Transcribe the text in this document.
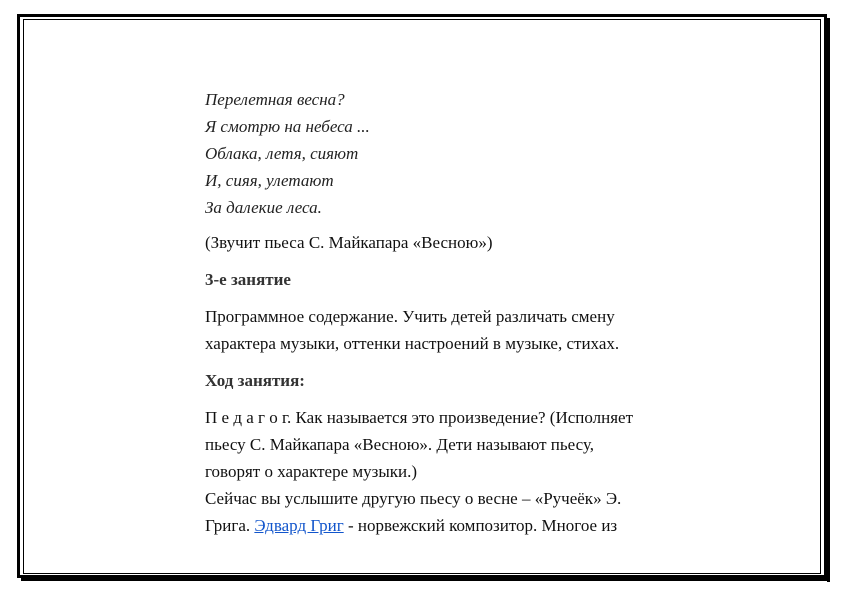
Перелетная весна?

Я смотрю на небеса ...

Облака, летя, сияют

И, сияя, улетают

За далекие леса.

(Звучит пьеса С. Майкапара «Весною»)

3-е занятие

Программное содержание. Учить детей различать смену

характера музыки, оттенки настроений в музыке, стихах.

Ход занятия:

П е д а г о г. Как называется это произведение? (Исполняет

пьесу С. Майкапара «Весною». Дети называют пьесу,

говорят о характере музыки.)

Сейчас вы услышите другую пьесу о весне – «Ручеёк» Э.

Грига. Эдвард Григ - норвежский композитор. Многое из
